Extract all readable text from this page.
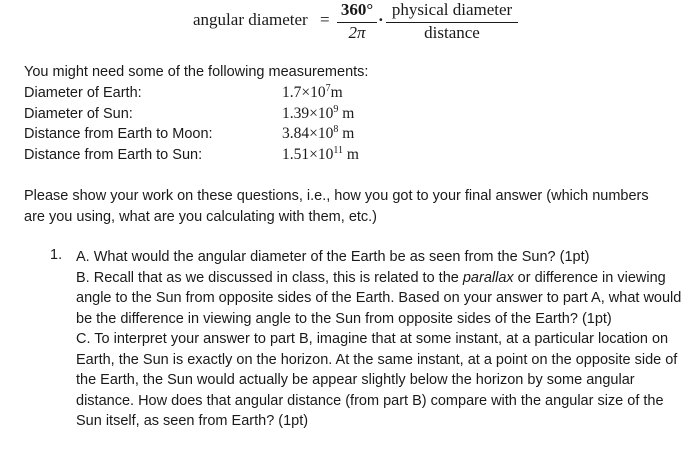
angular diameter =
360°
2π
·
physical diameter
distance
You might need some of the following measurements:
Diameter of Earth:	$1.7\times 10^7m$
Diameter of Sun:	$1.39\times 10^9$ m
Distance from Earth to Moon:	$3.84\times 10^8$ m
Distance from Earth to Sun:	$1.51\times 10^{11}$ m
Please show your work on these questions, i.e., how you got to your final answer (which numbers are you using, what are you calculating with them, etc.)
1. A. What would the angular diameter of the Earth be as seen from the Sun? (1pt)

B. Recall that as we discussed in class, this is related to the parallax or difference in viewing angle to the Sun from opposite sides of the Earth. Based on your answer to part A, what would be the difference in viewing angle to the Sun from opposite sides of the Earth? (1pt)

C. To interpret your answer to part B, imagine that at some instant, at a particular location on Earth, the Sun is exactly on the horizon. At the same instant, at a point on the opposite side of the Earth, the Sun would actually be appear slightly below the horizon by some angular distance. How does that angular distance (from part B) compare with the angular size of the Sun itself, as seen from Earth? (1pt)
